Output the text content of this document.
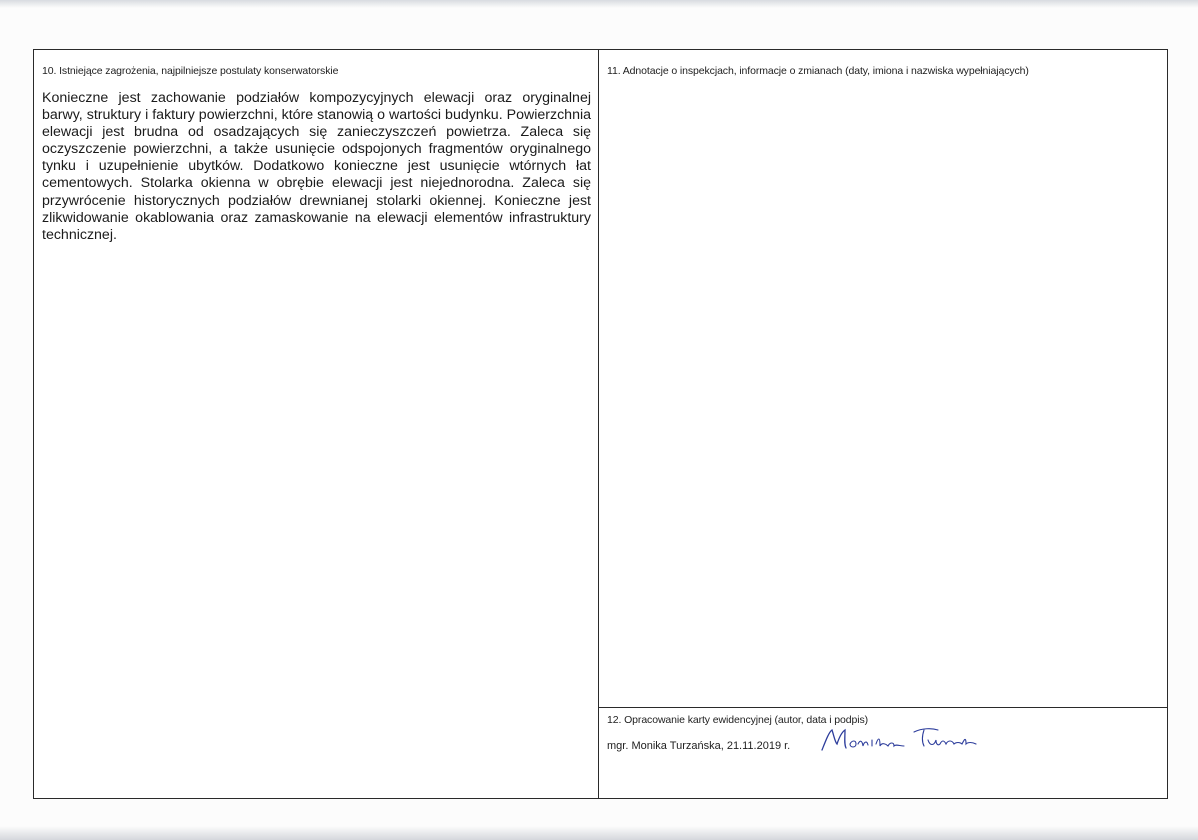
10. Istniejące zagrożenia, najpilniejsze postulaty konserwatorskie
Konieczne jest zachowanie podziałów kompozycyjnych elewacji oraz oryginalnej barwy, struktury i faktury powierzchni, które stanowią o wartości budynku. Powierzchnia elewacji jest brudna od osadzających się zanieczyszczeń powietrza. Zaleca się oczyszczenie powierzchni, a także usunięcie odspojonych fragmentów oryginalnego tynku i uzupełnienie ubytków. Dodatkowo konieczne jest usunięcie wtórnych łat cementowych. Stolarka okienna w obrębie elewacji jest niejednorodna. Zaleca się przywrócenie historycznych podziałów drewnianej stolarki okiennej. Konieczne jest zlikwidowanie okablowania oraz zamaskowanie na elewacji elementów infrastruktury technicznej.
11. Adnotacje o inspekcjach, informacje o zmianach (daty, imiona i nazwiska wypełniających)
12. Opracowanie karty ewidencyjnej (autor, data i podpis)
mgr. Monika Turzańska, 21.11.2019 r.
